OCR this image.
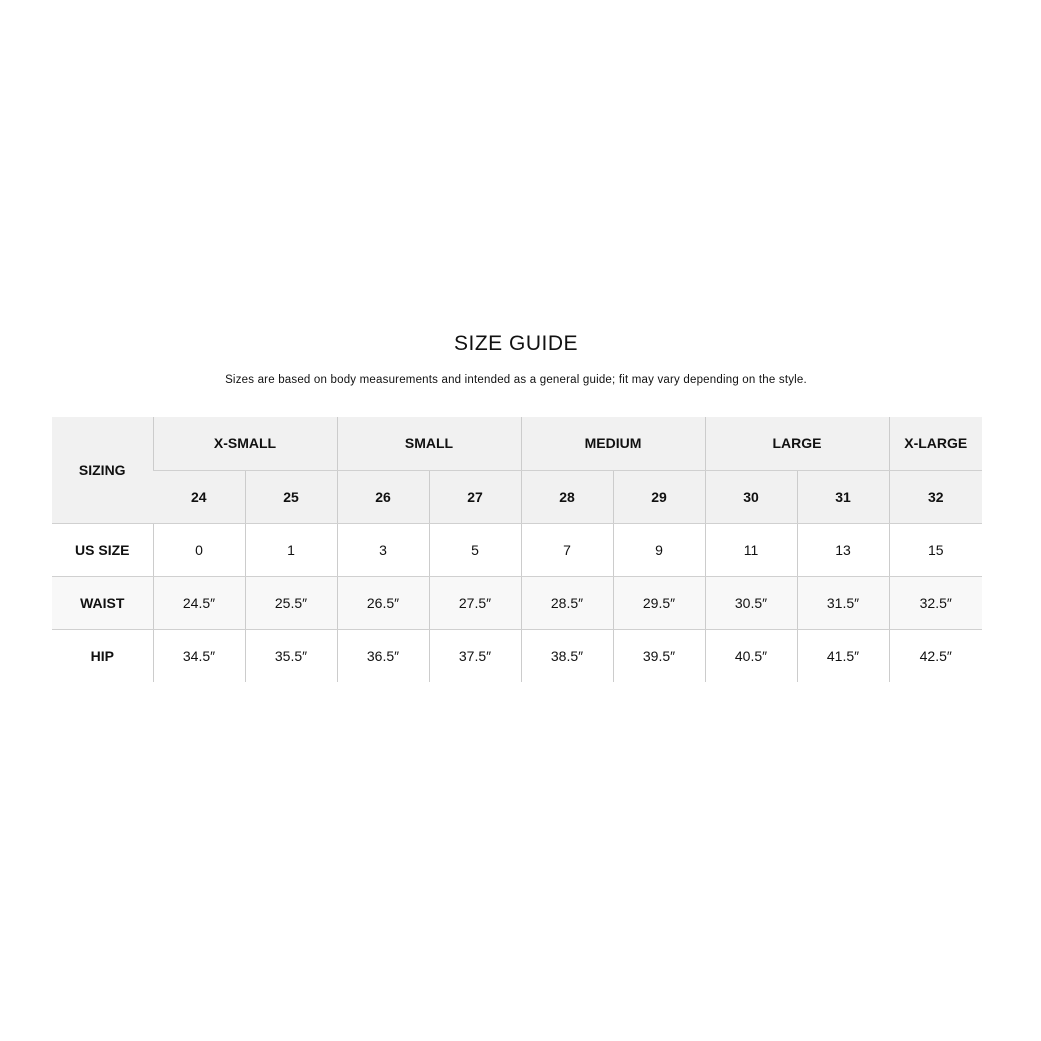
SIZE GUIDE

Sizes are based on body measurements and intended as a general guide; fit may vary depending on the style.

SIZING	X-SMALL		SMALL		MEDIUM		LARGE		X-LARGE
	24	25	26	27	28	29	30	31	32
US SIZE	0	1	3	5	7	9	11	13	15
WAIST	24.5″	25.5″	26.5″	27.5″	28.5″	29.5″	30.5″	31.5″	32.5″
HIP	34.5″	35.5″	36.5″	37.5″	38.5″	39.5″	40.5″	41.5″	42.5″
